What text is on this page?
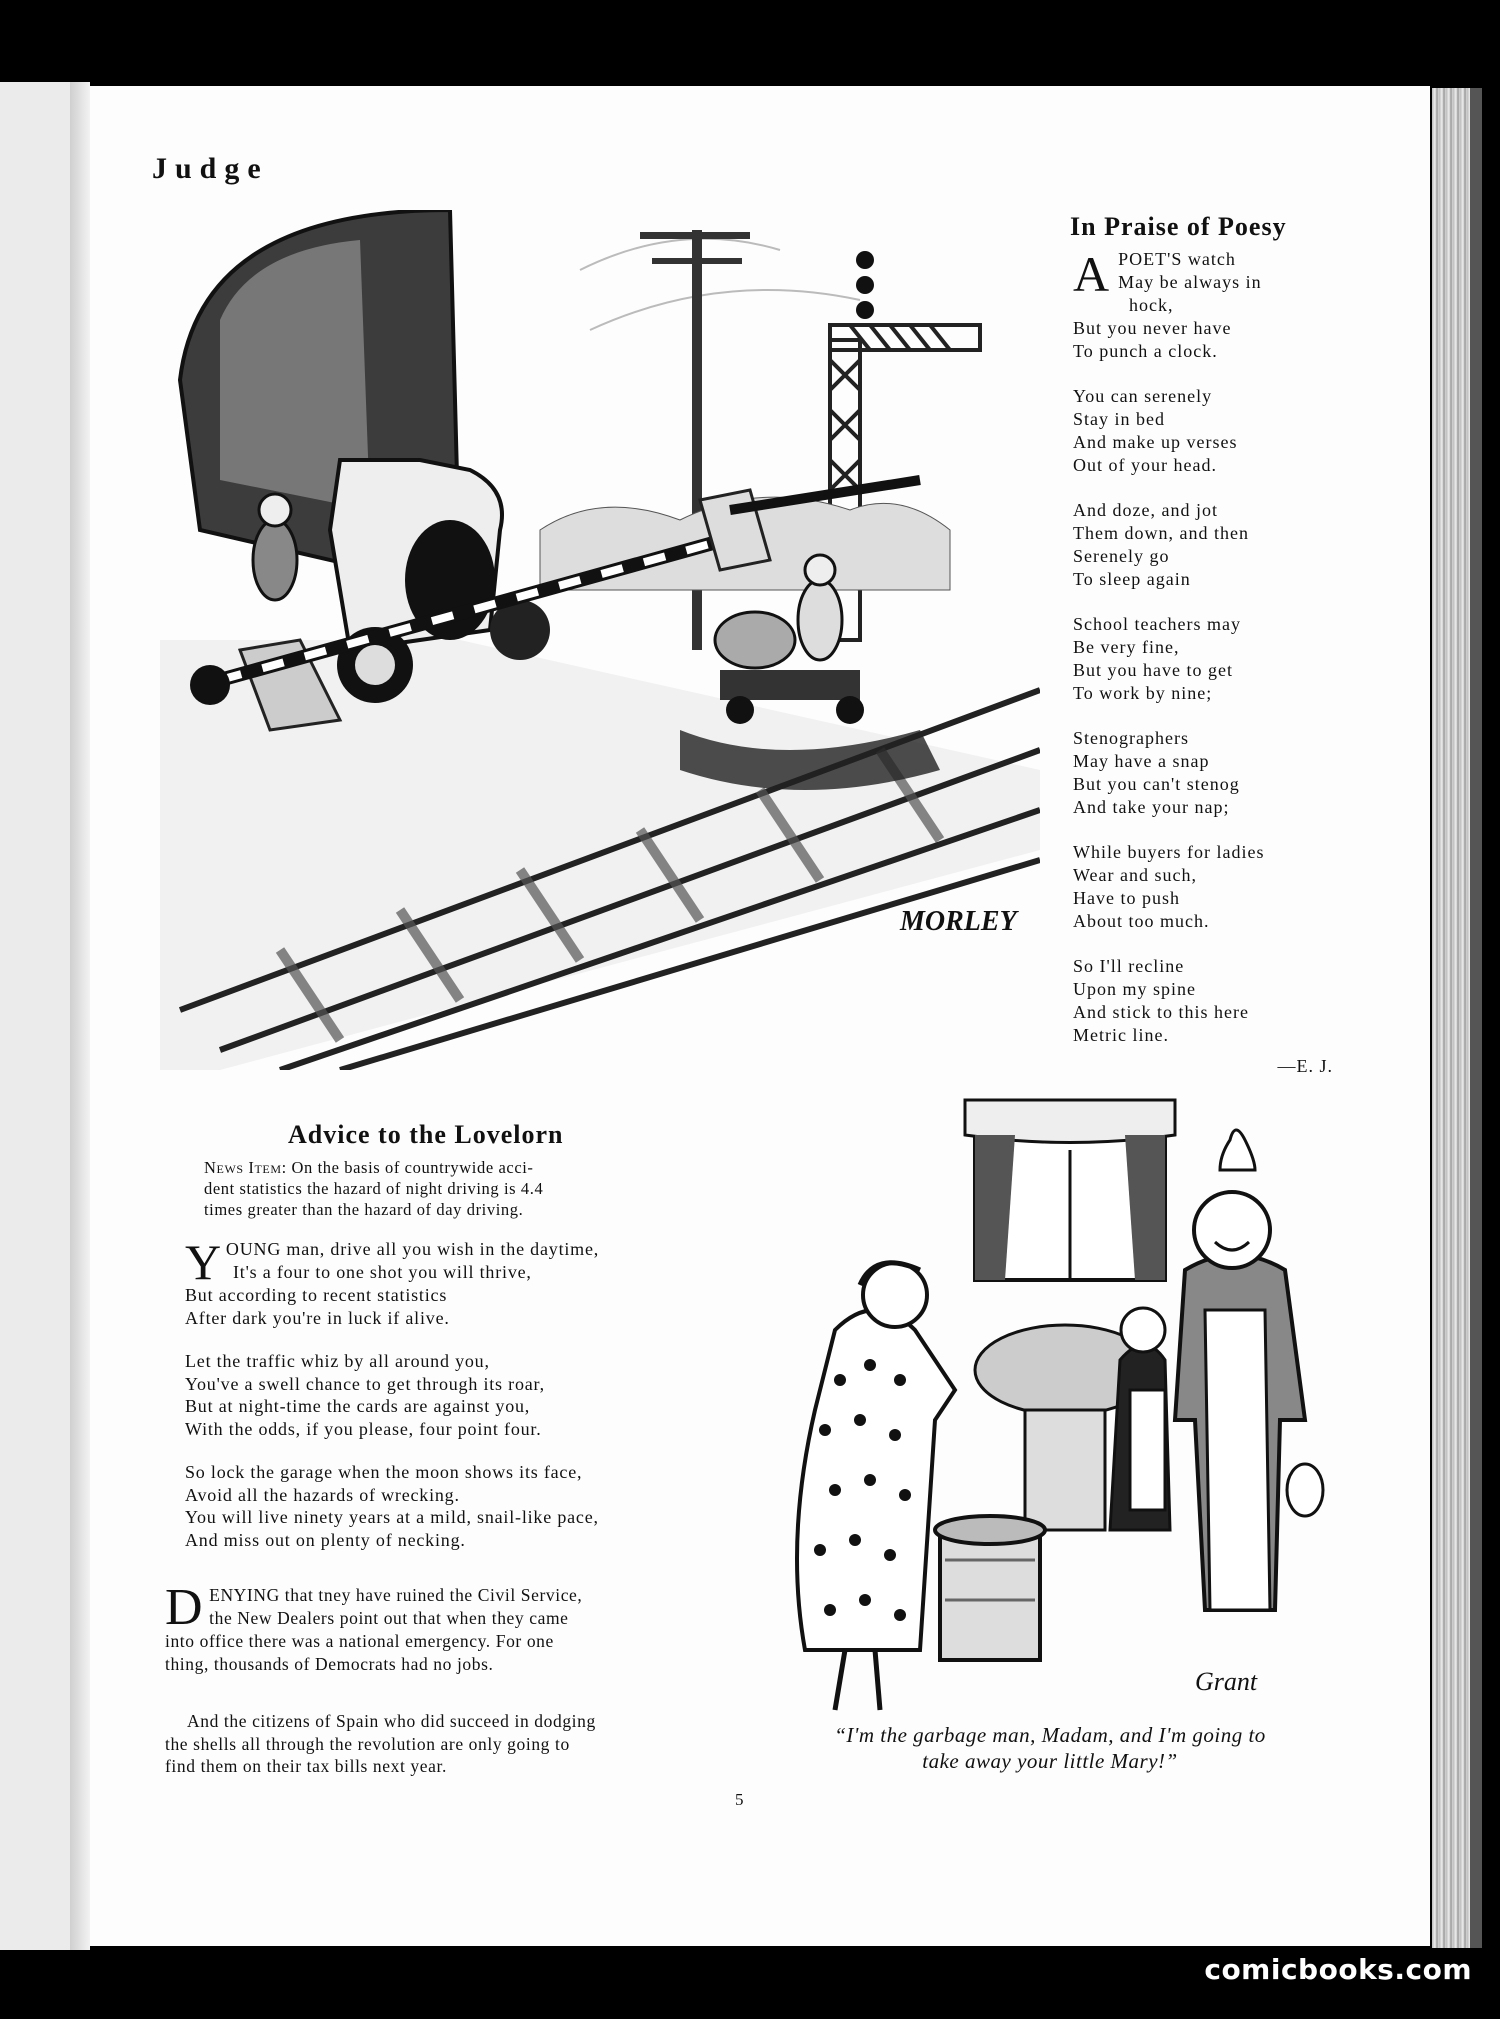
Judge
MORLEY
In Praise of Poesy
A POET'S watch
May be always in
hock,
But you never have
To punch a clock.
You can serenely
Stay in bed
And make up verses
Out of your head.
And doze, and jot
Them down, and then
Serenely go
To sleep again
School teachers may
Be very fine,
But you have to get
To work by nine;
Stenographers
May have a snap
But you can't stenog
And take your nap;
While buyers for ladies
Wear and such,
Have to push
About too much.
So I'll recline
Upon my spine
And stick to this here
Metric line.
—E. J.
Advice to the Lovelorn
News Item: On the basis of countrywide acci-
dent statistics the hazard of night driving is 4.4
times greater than the hazard of day driving.
Y OUNG man, drive all you wish in the daytime,
It's a four to one shot you will thrive,
But according to recent statistics
After dark you're in luck if alive.
Let the traffic whiz by all around you,
You've a swell chance to get through its roar,
But at night-time the cards are against you,
With the odds, if you please, four point four.
So lock the garage when the moon shows its face,
Avoid all the hazards of wrecking.
You will live ninety years at a mild, snail-like pace,
And miss out on plenty of necking.
D ENYING that tney have ruined the Civil Service,
the New Dealers point out that when they came
into office there was a national emergency. For one
thing, thousands of Democrats had no jobs.
And the citizens of Spain who did succeed in dodging
the shells all through the revolution are only going to
find them on their tax bills next year.
Grant
“I'm the garbage man, Madam, and I'm going to
take away your little Mary!”
5
comicbooks.com
